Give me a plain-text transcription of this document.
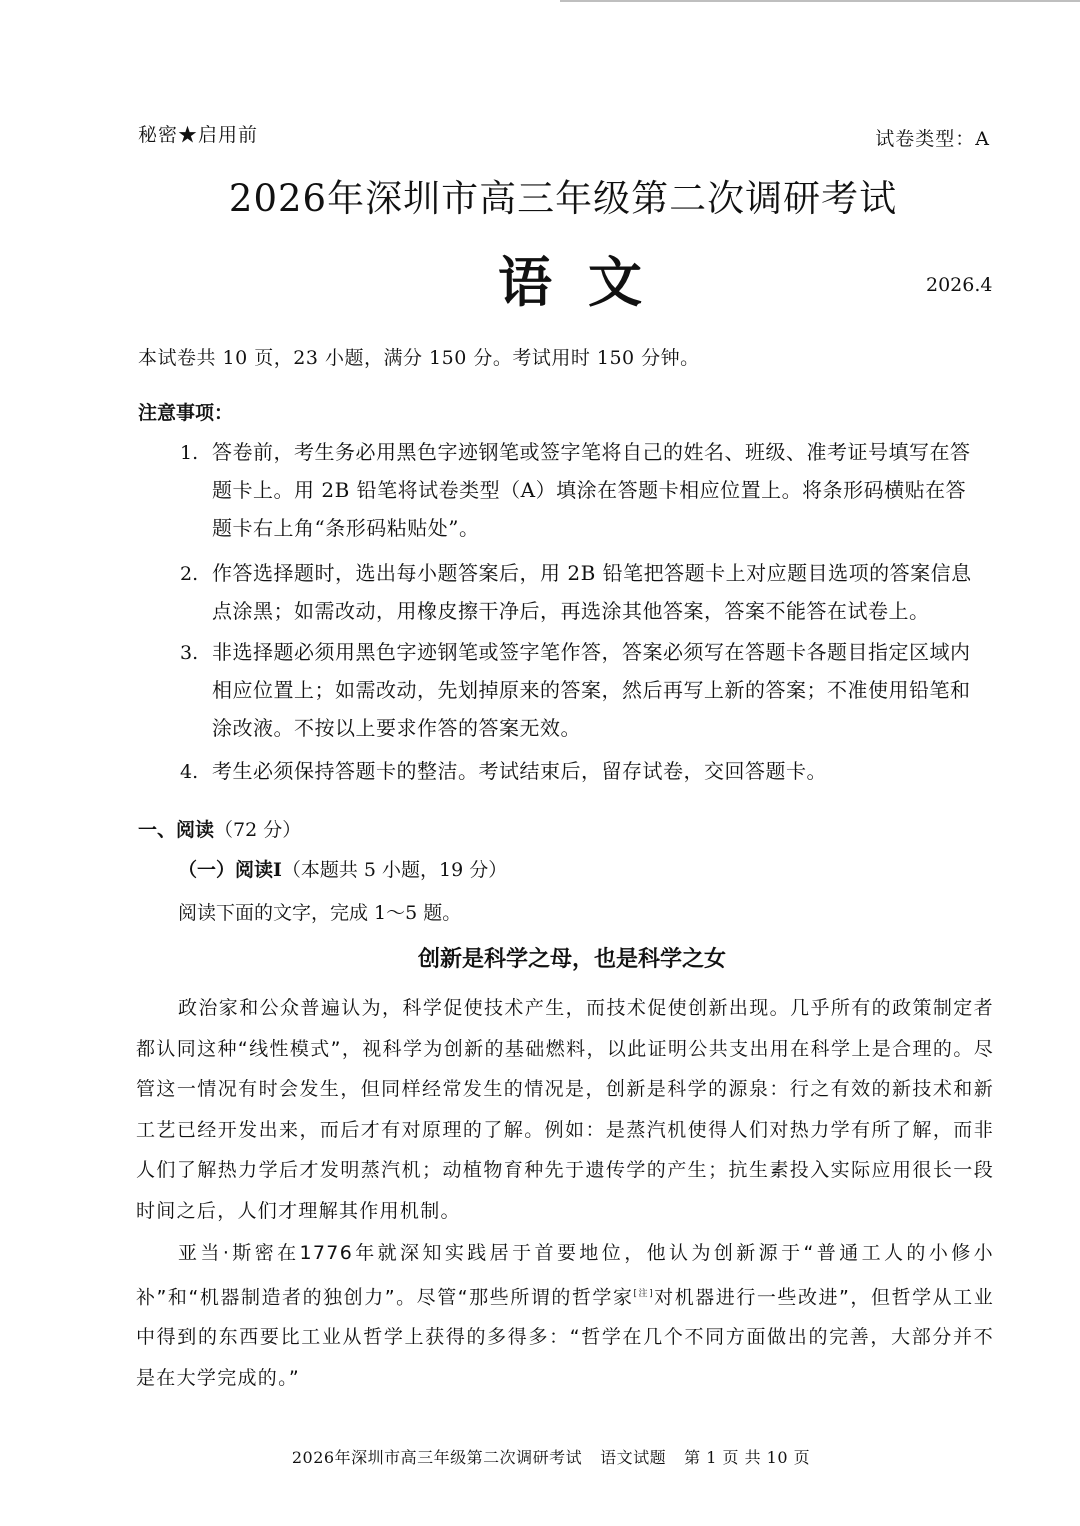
秘密★启用前	试卷类型：A
2026年深圳市高三年级第二次调研考试
语文	2026.4
本试卷共 10 页，23 小题，满分 150 分。考试用时 150 分钟。
注意事项：
1. 答卷前，考生务必用黑色字迹钢笔或签字笔将自己的姓名、班级、准考证号填写在答题卡上。用 2B 铅笔将试卷类型（A）填涂在答题卡相应位置上。将条形码横贴在答题卡右上角“条形码粘贴处”。
2. 作答选择题时，选出每小题答案后，用 2B 铅笔把答题卡上对应题目选项的答案信息点涂黑；如需改动，用橡皮擦干净后，再选涂其他答案，答案不能答在试卷上。
3. 非选择题必须用黑色字迹钢笔或签字笔作答，答案必须写在答题卡各题目指定区域内相应位置上；如需改动，先划掉原来的答案，然后再写上新的答案；不准使用铅笔和涂改液。不按以上要求作答的答案无效。
4. 考生必须保持答题卡的整洁。考试结束后，留存试卷，交回答题卡。
一、阅读（72 分）
（一）阅读Ⅰ（本题共 5 小题，19 分）
阅读下面的文字，完成 1～5 题。
创新是科学之母，也是科学之女
政治家和公众普遍认为，科学促使技术产生，而技术促使创新出现。几乎所有的政策制定者都认同这种“线性模式”，视科学为创新的基础燃料，以此证明公共支出用在科学上是合理的。尽管这一情况有时会发生，但同样经常发生的情况是，创新是科学的源泉：行之有效的新技术和新工艺已经开发出来，而后才有对原理的了解。例如：是蒸汽机使得人们对热力学有所了解，而非人们了解热力学后才发明蒸汽机；动植物育种先于遗传学的产生；抗生素投入实际应用很长一段时间之后，人们才理解其作用机制。
亚当·斯密在1776年就深知实践居于首要地位，他认为创新源于“普通工人的小修小补”和“机器制造者的独创力”。尽管“那些所谓的哲学家[注]对机器进行一些改进”，但哲学从工业中得到的东西要比工业从哲学上获得的多得多：“哲学在几个不同方面做出的完善，大部分并不是在大学完成的。”
2026年深圳市高三年级第二次调研考试 语文试题 第 1 页 共 10 页
